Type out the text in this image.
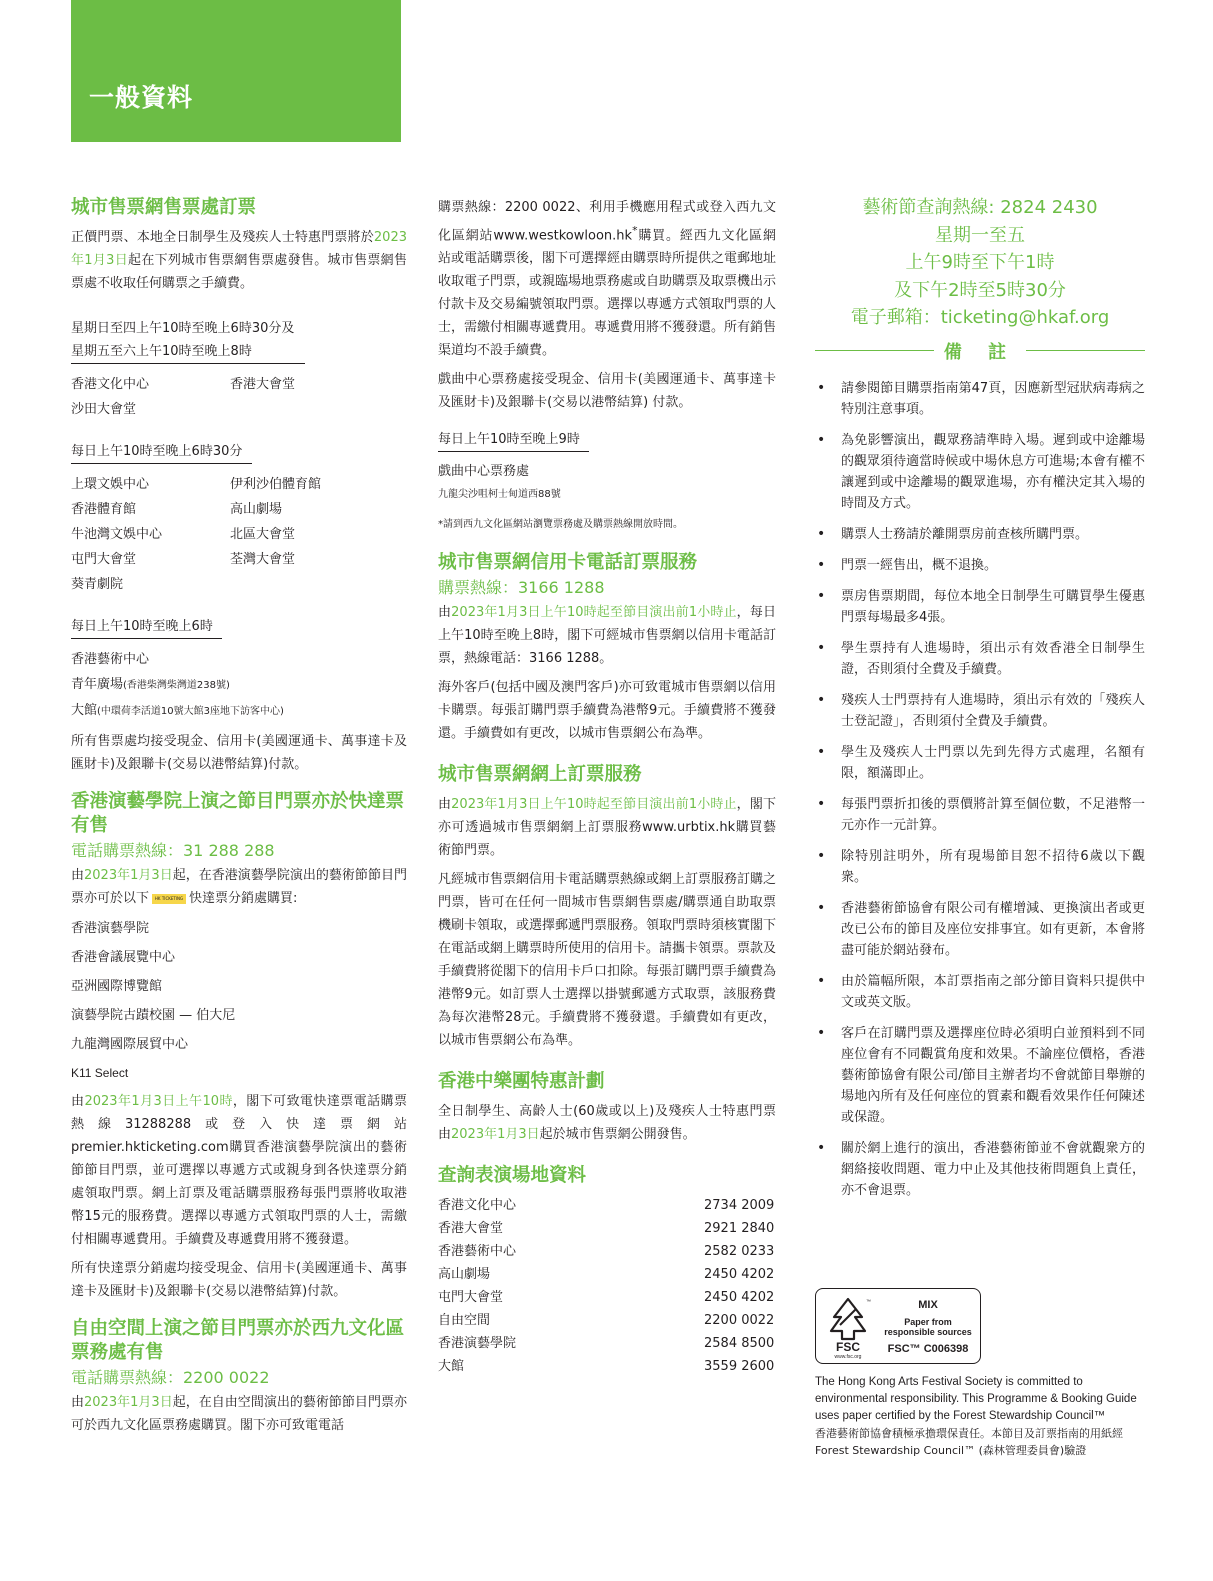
一般資料
城市售票網售票處訂票

正價門票、本地全日制學生及殘疾人士特惠門票將於2023年1月3日起在下列城市售票網售票處發售。城市售票網售票處不收取任何購票之手續費。

星期日至四上午10時至晚上6時30分及
星期五至六上午10時至晚上8時
香港文化中心	香港大會堂
沙田大會堂
每日上午10時至晚上6時30分
上環文娛中心	伊利沙伯體育館
香港體育館	高山劇場
牛池灣文娛中心	北區大會堂
屯門大會堂	荃灣大會堂
葵青劇院
每日上午10時至晚上6時
香港藝術中心
青年廣場(香港柴灣柴灣道238號)
大館(中環荷李活道10號大館3座地下訪客中心)

所有售票處均接受現金、信用卡(美國運通卡、萬事達卡及匯財卡)及銀聯卡(交易以港幣結算)付款。

香港演藝學院上演之節目門票亦於快達票有售
電話購票熱線：31 288 288

由2023年1月3日起，在香港演藝學院演出的藝術節節目門票亦可於以下 HK TICKETING 快達票分銷處購買:

香港演藝學院
香港會議展覽中心
亞洲國際博覽館
演藝學院古蹟校園 — 伯大尼
九龍灣國際展貿中心
K11 Select

由2023年1月3日上午10時，閣下可致電快達票電話購票熱線31288288或登入快達票網站premier.hkticketing.com購買香港演藝學院演出的藝術節節目門票，並可選擇以專遞方式或親身到各快達票分銷處領取門票。網上訂票及電話購票服務每張門票將收取港幣15元的服務費。選擇以專遞方式領取門票的人士，需繳付相關專遞費用。手續費及專遞費用將不獲發還。

所有快達票分銷處均接受現金、信用卡(美國運通卡、萬事達卡及匯財卡)及銀聯卡(交易以港幣結算)付款。

自由空間上演之節目門票亦於西九文化區票務處有售
電話購票熱線：2200 0022

由2023年1月3日起，在自由空間演出的藝術節節目門票亦可於西九文化區票務處購買。閣下亦可致電電話

購票熱線：2200 0022、利用手機應用程式或登入西九文化區網站www.westkowloon.hk*購買。經西九文化區網站或電話購票後，閣下可選擇經由購票時所提供之電郵地址收取電子門票，或親臨場地票務處或自助購票及取票機出示付款卡及交易編號領取門票。選擇以專遞方式領取門票的人士，需繳付相關專遞費用。專遞費用將不獲發還。所有銷售渠道均不設手續費。

戲曲中心票務處接受現金、信用卡(美國運通卡、萬事達卡及匯財卡)及銀聯卡(交易以港幣結算) 付款。

每日上午10時至晚上9時

戲曲中心票務處

九龍尖沙咀柯士甸道西88號

*請到西九文化區網站瀏覽票務處及購票熱線開放時間。

城市售票網信用卡電話訂票服務
購票熱線：3166 1288

由2023年1月3日上午10時起至節目演出前1小時止，每日上午10時至晚上8時，閣下可經城市售票網以信用卡電話訂票，熱線電話：3166 1288。

海外客戶(包括中國及澳門客戶)亦可致電城市售票網以信用卡購票。每張訂購門票手續費為港幣9元。手續費將不獲發還。手續費如有更改，以城市售票網公布為準。

城市售票網網上訂票服務

由2023年1月3日上午10時起至節目演出前1小時止，閣下亦可透過城市售票網網上訂票服務www.urbtix.hk購買藝術節門票。

凡經城市售票網信用卡電話購票熱線或網上訂票服務訂購之門票，皆可在任何一間城市售票網售票處/購票通自助取票機刷卡領取，或選擇郵遞門票服務。領取門票時須核實閣下在電話或網上購票時所使用的信用卡。請攜卡領票。票款及手續費將從閣下的信用卡戶口扣除。每張訂購門票手續費為港幣9元。如訂票人士選擇以掛號郵遞方式取票，該服務費為每次港幣28元。手續費將不獲發還。手續費如有更改，以城市售票網公布為準。

香港中樂團特惠計劃

全日制學生、高齡人士(60歲或以上)及殘疾人士特惠門票由2023年1月3日起於城市售票網公開發售。

查詢表演場地資料
香港文化中心	2734 2009
香港大會堂	2921 2840
香港藝術中心	2582 0233
高山劇場	2450 4202
屯門大會堂	2450 4202
自由空間	2200 0022
香港演藝學院	2584 8500
大館	3559 2600
藝術節查詢熱線: 2824 2430
星期一至五
上午9時至下午1時
及下午2時至5時30分
電子郵箱：ticketing@hkaf.org
備 註
• 請參閱節目購票指南第47頁，因應新型冠狀病毒病之特別注意事項。
• 為免影響演出，觀眾務請準時入場。遲到或中途離場的觀眾須待適當時候或中場休息方可進場;本會有權不讓遲到或中途離場的觀眾進場，亦有權決定其入場的時間及方式。
• 購票人士務請於離開票房前查核所購門票。
• 門票一經售出，概不退換。
• 票房售票期間，每位本地全日制學生可購買學生優惠門票每場最多4張。
• 學生票持有人進場時，須出示有效香港全日制學生證，否則須付全費及手續費。
• 殘疾人士門票持有人進場時，須出示有效的「殘疾人士登記證」，否則須付全費及手續費。
• 學生及殘疾人士門票以先到先得方式處理，名額有限，額滿即止。
• 每張門票折扣後的票價將計算至個位數，不足港幣一元亦作一元計算。
• 除特別註明外，所有現場節目恕不招待6歲以下觀衆。
• 香港藝術節協會有限公司有權增減、更換演出者或更改已公布的節目及座位安排事宜。如有更新，本會將盡可能於網站發布。
• 由於篇幅所限，本訂票指南之部分節目資料只提供中文或英文版。
• 客戶在訂購門票及選擇座位時必須明白並預料到不同座位會有不同觀賞角度和效果。不論座位價格，香港藝術節協會有限公司/節目主辦者均不會就節目舉辦的場地內所有及任何座位的質素和觀看效果作任何陳述或保證。
• 關於網上進行的演出，香港藝術節並不會就觀衆方的網絡接收問題、電力中止及其他技術問題負上責任，亦不會退票。
FSC
www.fsc.org
™	MIX
Paper from
responsible sources
FSC™ C006398
The Hong Kong Arts Festival Society is committed to environmental responsibility. This Programme & Booking Guide uses paper certified by the Forest Stewardship Council™
香港藝術節協會積極承擔環保責任。本節目及訂票指南的用紙經Forest Stewardship Council™ (森林管理委員會)驗證
